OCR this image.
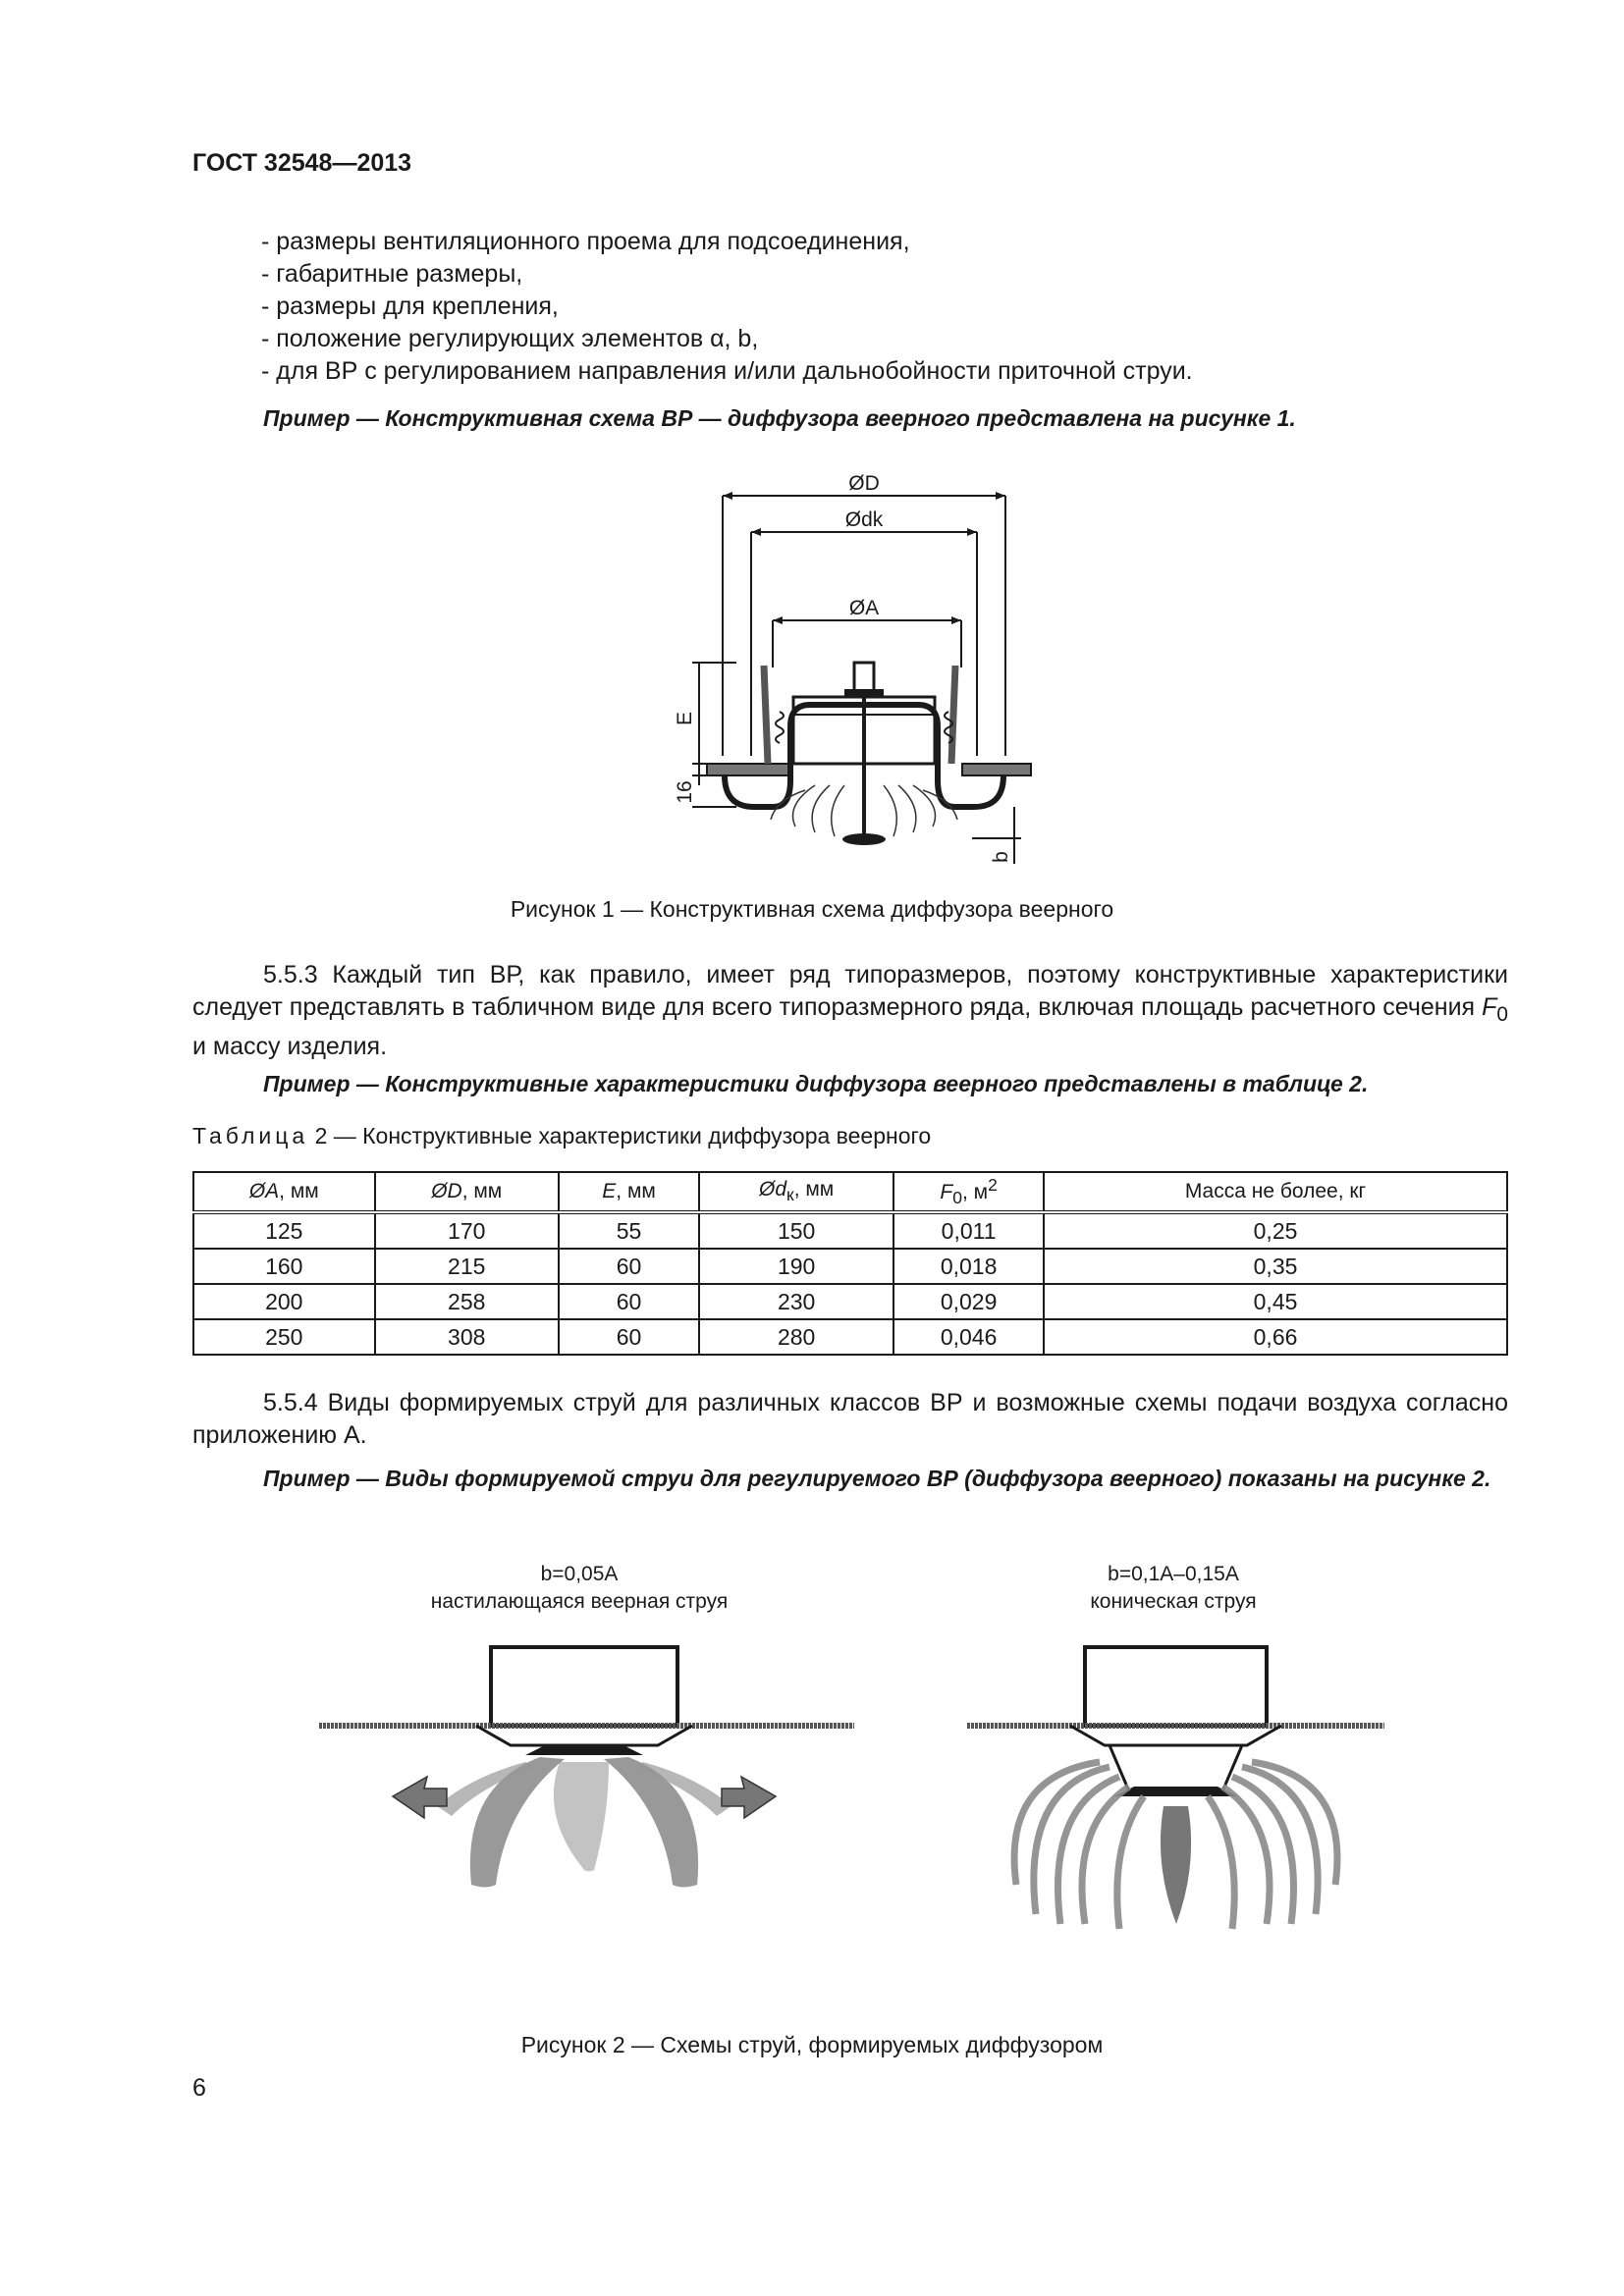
ГОСТ 32548—2013
- размеры вентиляционного проема для подсоединения,
- габаритные размеры,
- размеры для крепления,
- положение регулирующих элементов α, b,
- для ВР с регулированием направления и/или дальнобойности приточной струи.
Пример — Конструктивная схема ВР — диффузора веерного представлена на рисунке 1.
ØD
Ødk
ØA
E
16
b
Рисунок 1 — Конструктивная схема диффузора веерного
5.5.3 Каждый тип ВР, как правило, имеет ряд типоразмеров, поэтому конструктивные характеристики следует представлять в табличном виде для всего типоразмерного ряда, включая площадь расчетного сечения $F_0$ и массу изделия.
Пример — Конструктивные характеристики диффузора веерного представлены в таблице 2.
Таблица 2 — Конструктивные характеристики диффузора веерного
ØA, мм	ØD, мм	E, мм	$Ød_к$, мм	$F_0$, $м^2$	Масса не более, кг
125	170	55	150	0,011	0,25
160	215	60	190	0,018	0,35
200	258	60	230	0,029	0,45
250	308	60	280	0,046	0,66
5.5.4 Виды формируемых струй для различных классов ВР и возможные схемы подачи воздуха согласно приложению А.
Пример — Виды формируемой струи для регулируемого ВР (диффузора веерного) показаны на рисунке 2.
b=0,05A
настилающаяся веерная струя
b=0,1A–0,15A
коническая струя
Рисунок 2 — Схемы струй, формируемых диффузором
6
